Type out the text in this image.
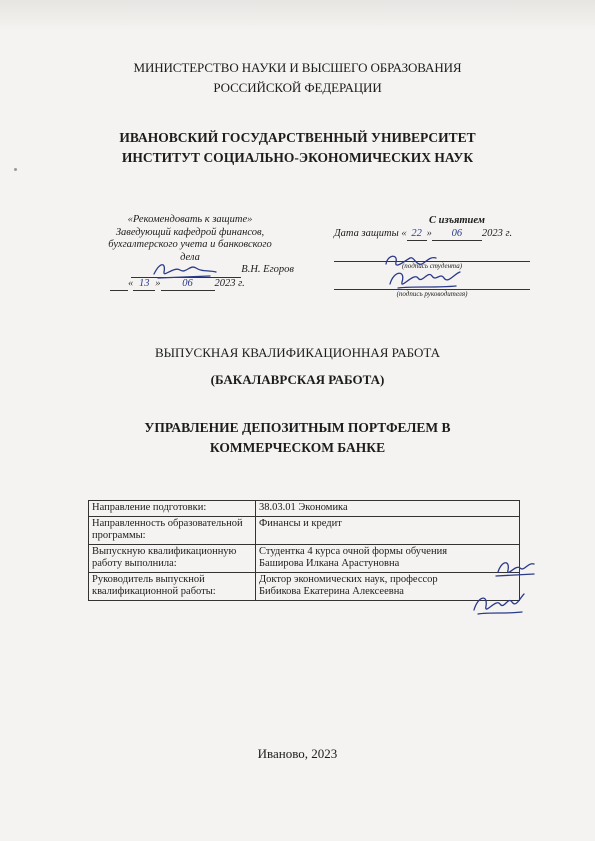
МИНИСТЕРСТВО НАУКИ И ВЫСШЕГО ОБРАЗОВАНИЯ
РОССИЙСКОЙ ФЕДЕРАЦИИ
ИВАНОВСКИЙ ГОСУДАРСТВЕННЫЙ УНИВЕРСИТЕТ
ИНСТИТУТ СОЦИАЛЬНО-ЭКОНОМИЧЕСКИХ НАУК
«Рекомендовать к защите»
Заведующий кафедрой финансов,
бухгалтерского учета и банковского
дела
В.Н. Егоров
« 13 » 06 2023 г.
С изъятием
Дата защиты « 22 » 06 2023 г.
(подпись студента)
(подпись руководителя)
ВЫПУСКНАЯ КВАЛИФИКАЦИОННАЯ РАБОТА
(БАКАЛАВРСКАЯ РАБОТА)
УПРАВЛЕНИЕ ДЕПОЗИТНЫМ ПОРТФЕЛЕМ В
КОММЕРЧЕСКОМ БАНКЕ
Направление подготовки:	38.03.01 Экономика

Направленность образовательной программы:	Финансы и кредит

Выпускную квалификационную работу выполнила:	Студентка 4 курса очной формы обучения
Баширова Илкана Арастуновна

Руководитель выпускной квалификационной работы:	Доктор экономических наук, профессор
Бибикова Екатерина Алексеевна
Иваново, 2023
